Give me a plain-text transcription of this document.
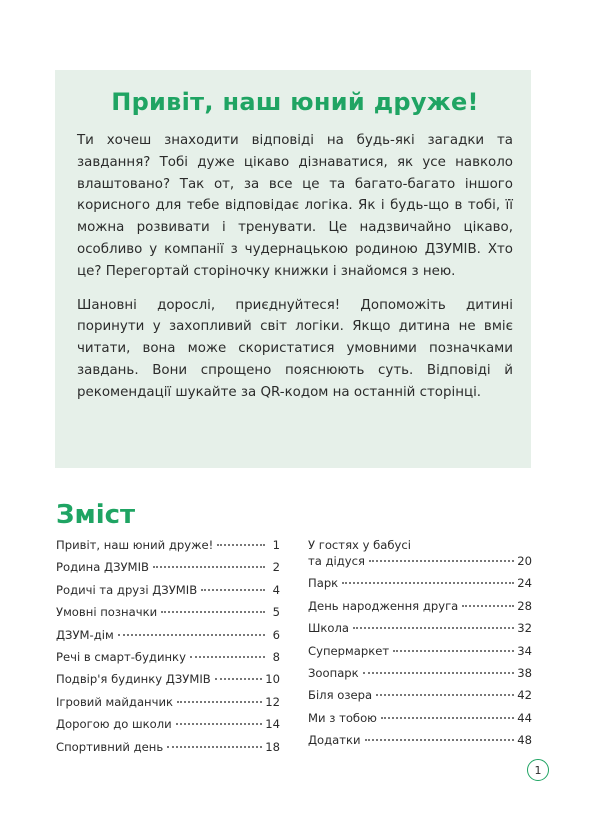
Привіт, наш юний друже!

Ти хочеш знаходити відповіді на будь-які загадки та завдання? Тобі дуже цікаво дізнаватися, як усе навколо влаштовано? Так от, за все це та багато-багато іншого корисного для тебе відповідає логіка. Як і будь-що в тобі, її можна розвивати і тренувати. Це надзвичайно цікаво, особливо у компанії з чудернацькою родиною ДЗУМІВ. Хто це? Перегортай сторіночку книжки і знайомся з нею.

Шановні дорослі, приєднуйтеся! Допоможіть дитині поринути у захопливий світ логіки. Якщо дитина не вміє читати, вона може скористатися умовними позначками завдань. Вони спрощено пояснюють суть. Відповіді й рекомендації шукайте за QR-кодом на останній сторінці.

Зміст
Привіт, наш юний друже!	1
Родина ДЗУМІВ	2
Родичі та друзі ДЗУМІВ	4
Умовні позначки	5
ДЗУМ-дім	6
Речі в смарт-будинку	8
Подвір'я будинку ДЗУМІВ	10
Ігровий майданчик	12
Дорогою до школи	14
Спортивний день	18
У гостях у бабусі
та дідуся	20
Парк	24
День народження друга	28
Школа	32
Супермаркет	34
Зоопарк	38
Біля озера	42
Ми з тобою	44
Додатки	48
1
